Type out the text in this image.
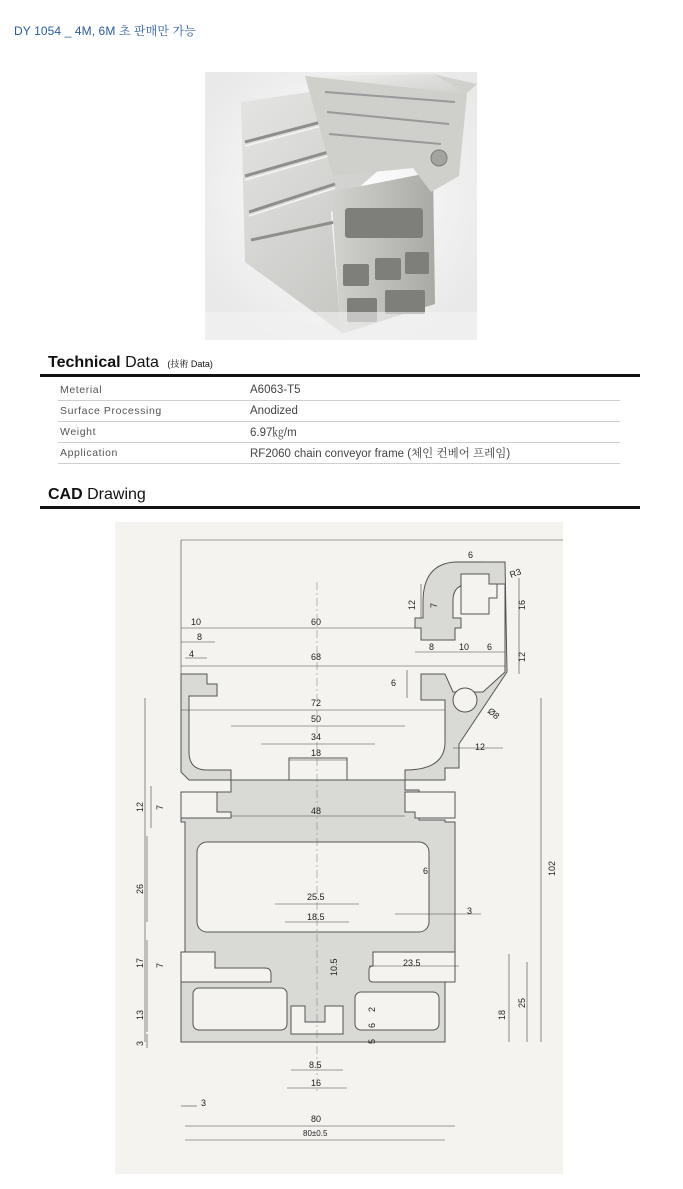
DY 1054 _ 4M, 6M 초 판매만 가능
Technical Data (技術 Data)
Meterial	A6063-T5
Surface Processing	Anodized
Weight	6.97㎏/m
Application	RF2060 chain conveyor frame (체인 컨베어 프레임)
CAD Drawing
6
R3
12 7	16
10	60
8
8	10 6
12
4	68
6
Ø8
72
50
12
34
18
12 7	48
6	102
26
25.5
3
18.5
17 7	10.5	23.5
13
2
6
18
25
3	5
8.5
16
3
80
80±0.5
